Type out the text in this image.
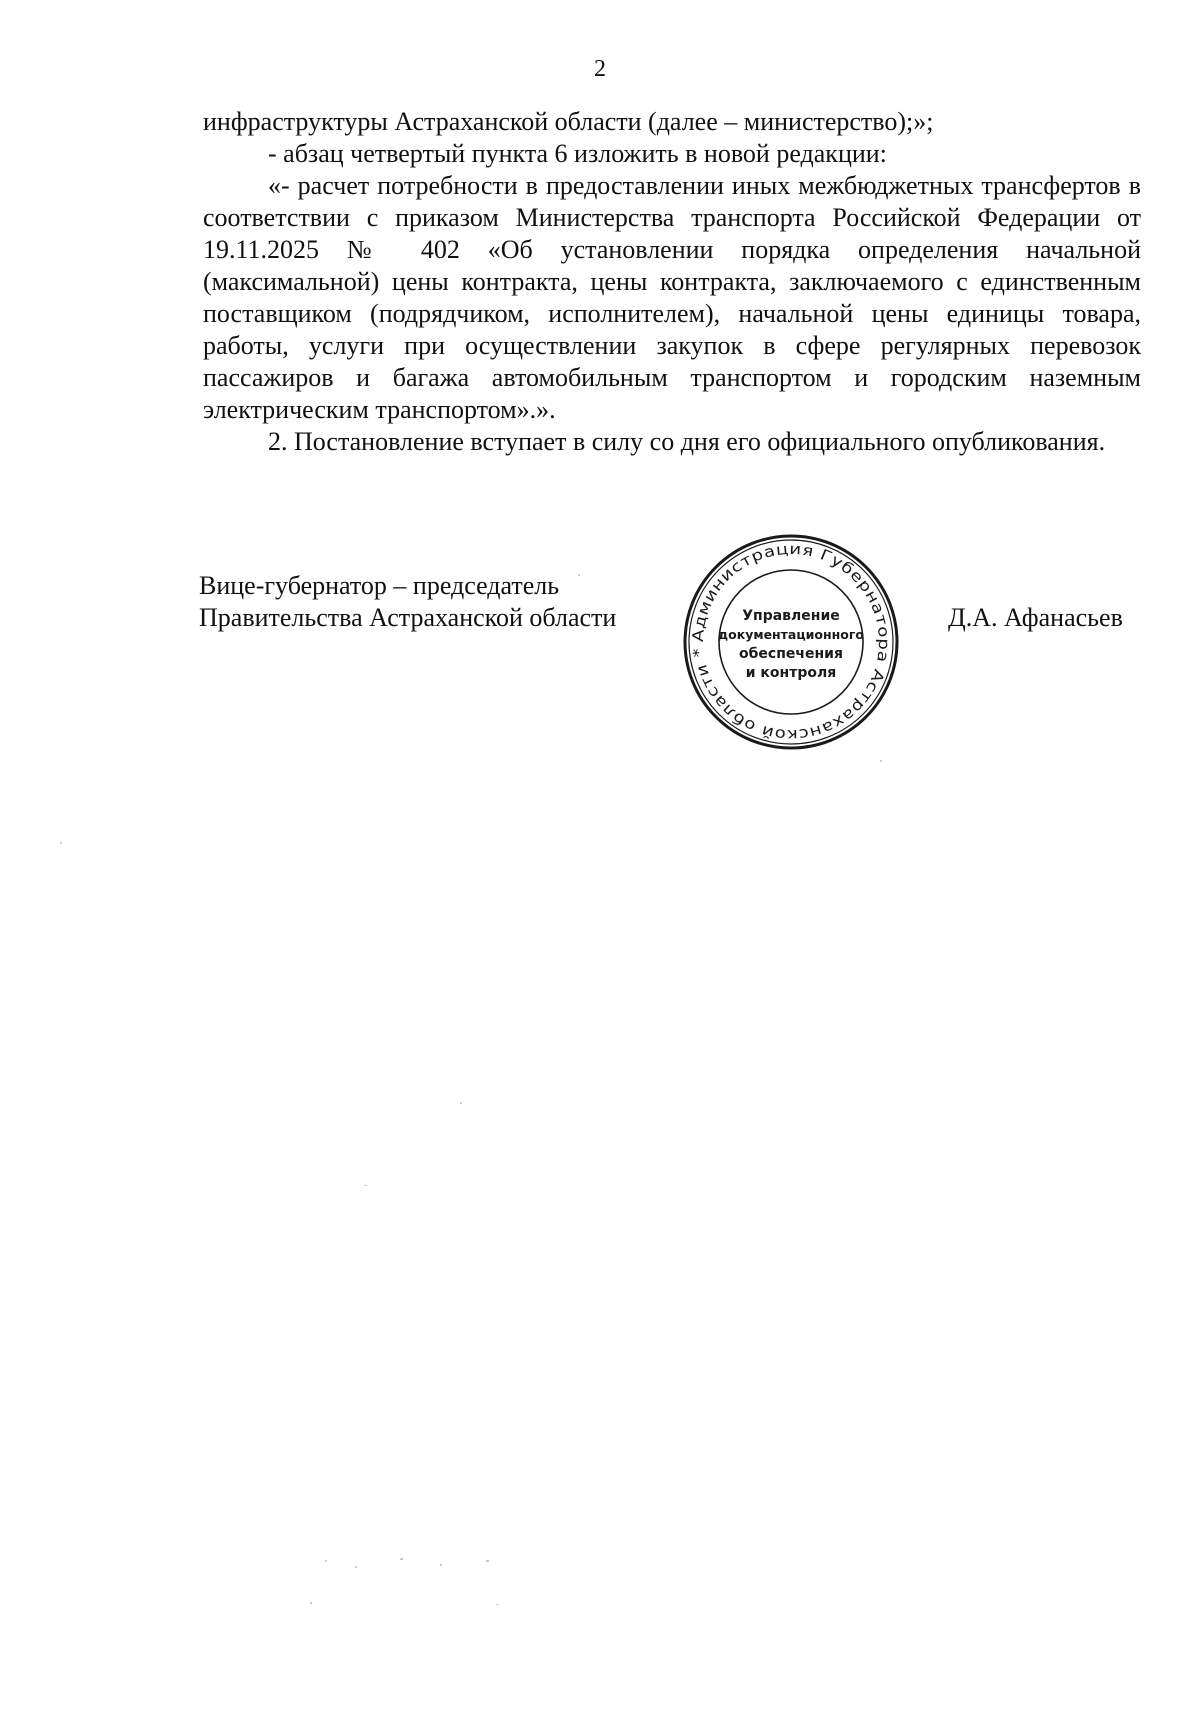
2

инфраструктуры Астраханской области (далее – министерство);»;

- абзац четвертый пункта 6 изложить в новой редакции:

«- расчет потребности в предоставлении иных межбюджетных трансфертов в соответствии с приказом Министерства транспорта Российской Федерации от 19.11.2025 № 402 «Об установлении порядка определения начальной (максимальной) цены контракта, цены контракта, заключаемого с единственным поставщиком (подрядчиком, исполнителем), начальной цены единицы товара, работы, услуги при осуществлении закупок в сфере регулярных перевозок пассажиров и багажа автомобильным транспортом и городским наземным электрическим транспортом».».

2. Постановление вступает в силу со дня его официального опубликования.

Вице-губернатор – председатель
Правительства Астраханской области	Д.А. Афанасьев
Администрация Губернатора Астраханской области *
Управление
документационного
обеспечения
и контроля
